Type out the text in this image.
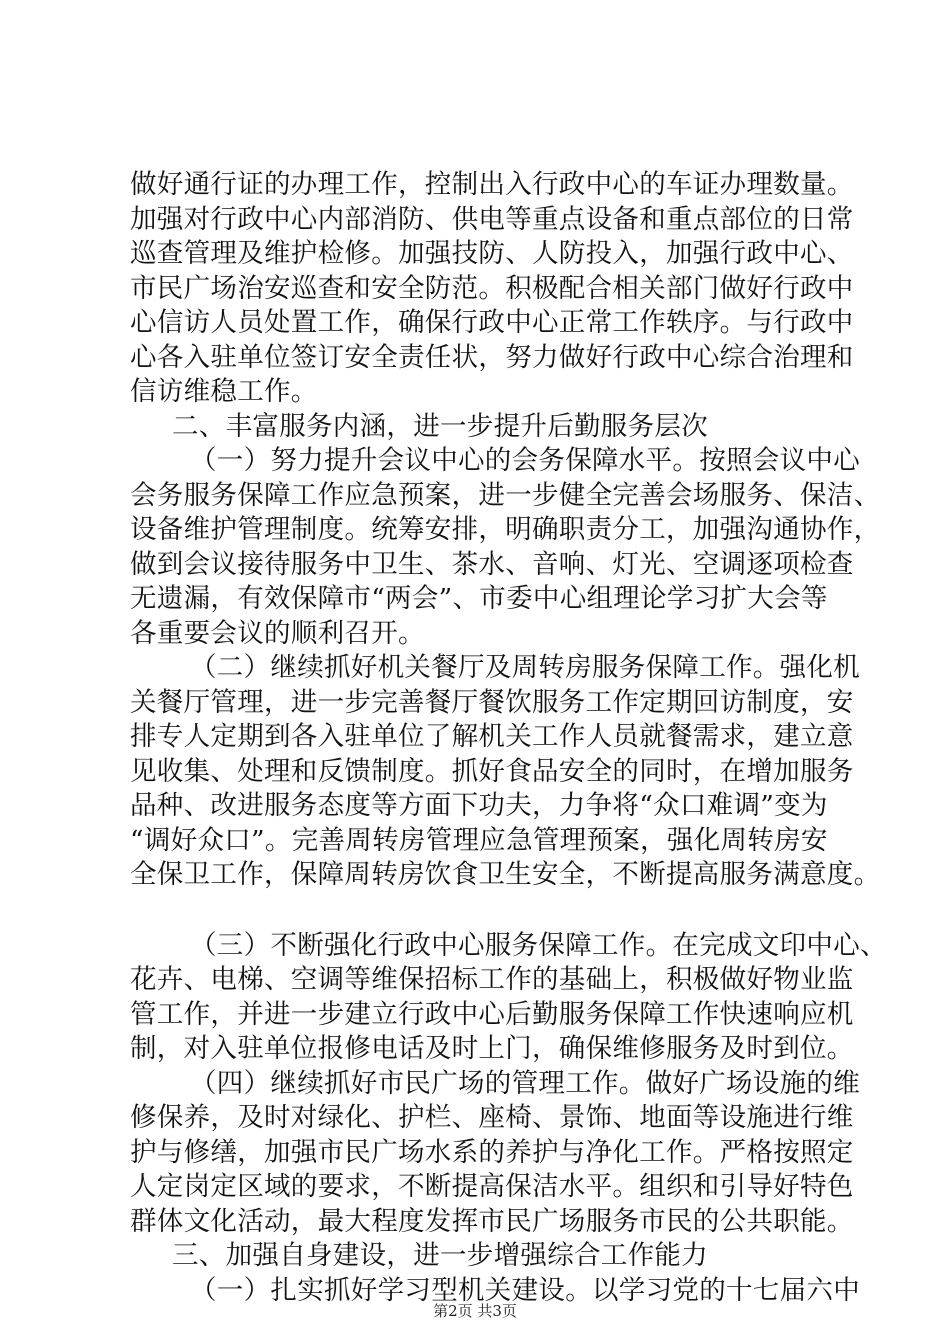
做好通行证的办理工作，控制出入行政中心的车证办理数量。
加强对行政中心内部消防、供电等重点设备和重点部位的日常
巡查管理及维护检修。加强技防、人防投入，加强行政中心、
市民广场治安巡查和安全防范。积极配合相关部门做好行政中
心信访人员处置工作，确保行政中心正常工作轶序。与行政中
心各入驻单位签订安全责任状，努力做好行政中心综合治理和
信访维稳工作。
二、丰富服务内涵，进一步提升后勤服务层次
（一）努力提升会议中心的会务保障水平。按照会议中心
会务服务保障工作应急预案，进一步健全完善会场服务、保洁、
设备维护管理制度。统筹安排，明确职责分工，加强沟通协作，
做到会议接待服务中卫生、茶水、音响、灯光、空调逐项检查
无遗漏，有效保障市“两会”、市委中心组理论学习扩大会等
各重要会议的顺利召开。
（二）继续抓好机关餐厅及周转房服务保障工作。强化机
关餐厅管理，进一步完善餐厅餐饮服务工作定期回访制度，安
排专人定期到各入驻单位了解机关工作人员就餐需求，建立意
见收集、处理和反馈制度。抓好食品安全的同时，在增加服务
品种、改进服务态度等方面下功夫，力争将“众口难调”变为
“调好众口”。完善周转房管理应急管理预案，强化周转房安
全保卫工作，保障周转房饮食卫生安全，不断提高服务满意度。
（三）不断强化行政中心服务保障工作。在完成文印中心、
花卉、电梯、空调等维保招标工作的基础上，积极做好物业监
管工作，并进一步建立行政中心后勤服务保障工作快速响应机
制，对入驻单位报修电话及时上门，确保维修服务及时到位。
（四）继续抓好市民广场的管理工作。做好广场设施的维
修保养，及时对绿化、护栏、座椅、景饰、地面等设施进行维
护与修缮，加强市民广场水系的养护与净化工作。严格按照定
人定岗定区域的要求，不断提高保洁水平。组织和引导好特色
群体文化活动，最大程度发挥市民广场服务市民的公共职能。
三、加强自身建设，进一步增强综合工作能力
（一）扎实抓好学习型机关建设。以学习党的十七届六中
第2页 共3页
